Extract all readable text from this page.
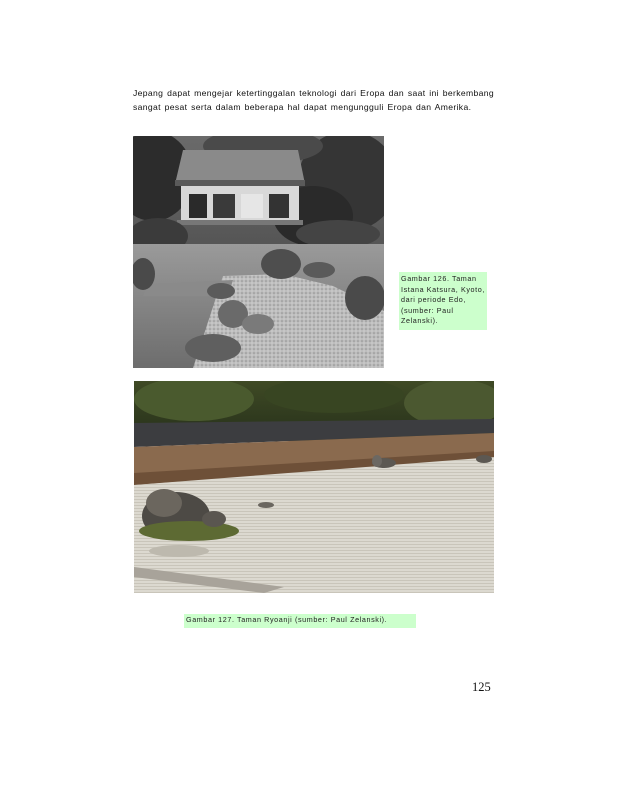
Jepang dapat mengejar ketertinggalan teknologi dari Eropa dan saat ini berkembang sangat pesat serta dalam beberapa hal dapat mengungguli Eropa dan Amerika.

Gambar 126. Taman Istana Katsura, Kyoto, dari periode Edo, (sumber: Paul Zelanski).
Gambar 127. Taman Ryoanji (sumber: Paul Zelanski).
125
